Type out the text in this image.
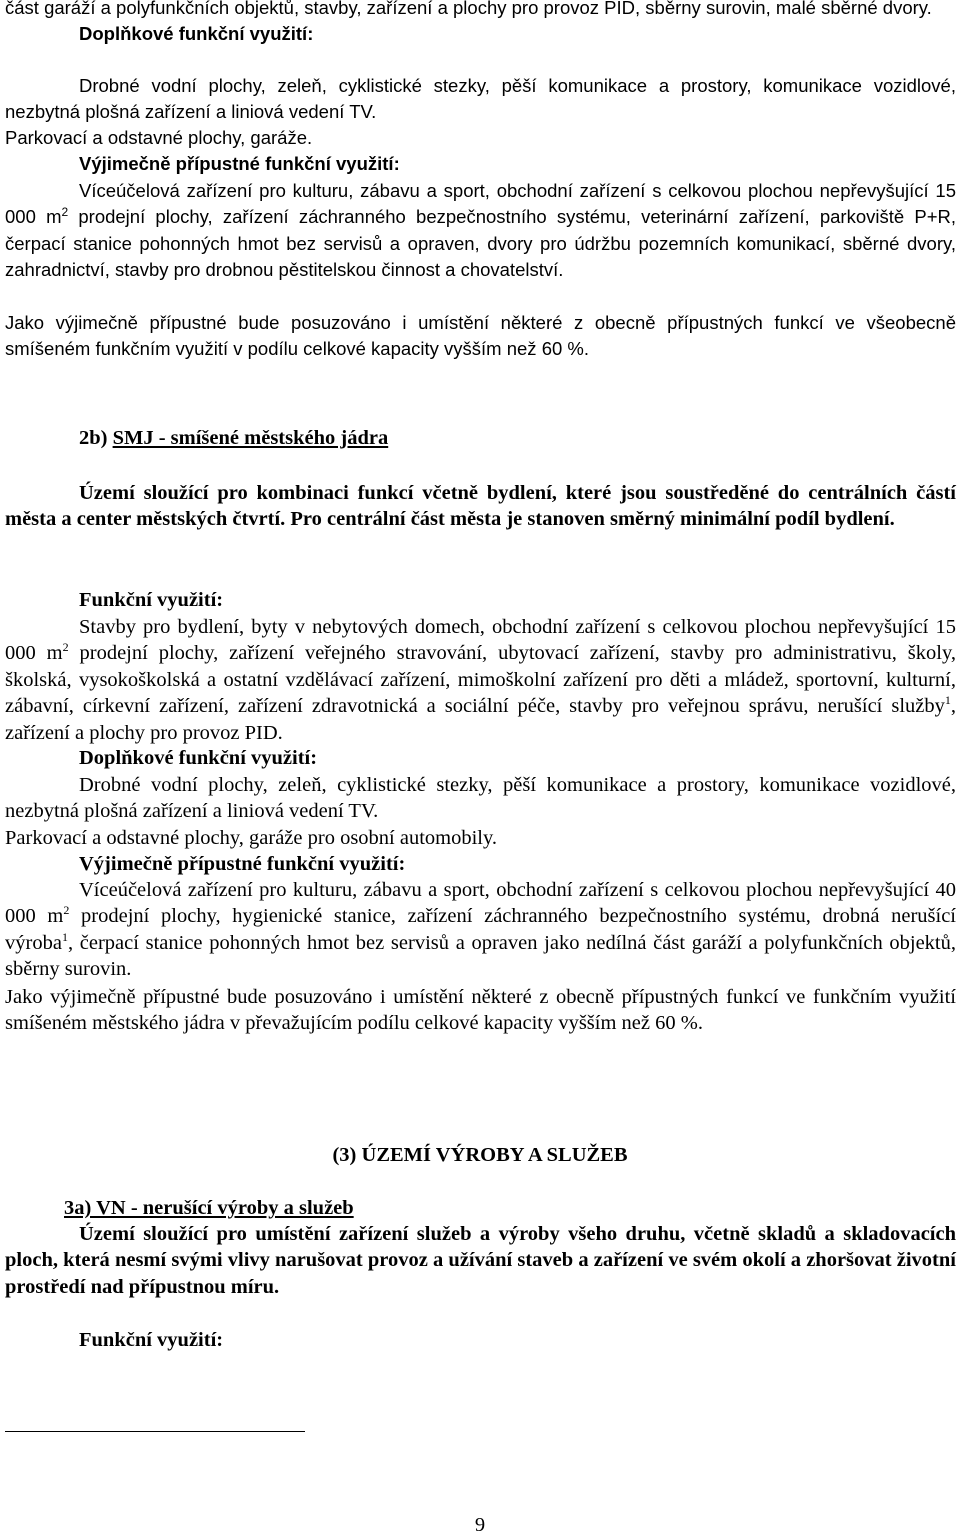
část garáží a polyfunkčních objektů, stavby, zařízení a plochy pro provoz PID, sběrny surovin, malé sběrné dvory.
Doplňkové funkční využití:

Drobné vodní plochy, zeleň, cyklistické stezky, pěší komunikace a prostory, komunikace vozidlové, nezbytná plošná zařízení a liniová vedení TV.

Parkovací a odstavné plochy, garáže.

Výjimečně přípustné funkční využití:

Víceúčelová zařízení pro kulturu, zábavu a sport, obchodní zařízení s celkovou plochou nepřevyšující 15 000 $m^2$ prodejní plochy, zařízení záchranného bezpečnostního systému, veterinární zařízení, parkoviště P+R, čerpací stanice pohonných hmot bez servisů a opraven, dvory pro údržbu pozemních komunikací, sběrné dvory, zahradnictví, stavby pro drobnou pěstitelskou činnost a chovatelství.

Jako výjimečně přípustné bude posuzováno i umístění některé z obecně přípustných funkcí ve všeobecně smíšeném funkčním využití v podílu celkové kapacity vyšším než 60 %.

2b) SMJ - smíšené městského jádra

Území sloužící pro kombinaci funkcí včetně bydlení, které jsou soustředěné do centrálních částí města a center městských čtvrtí. Pro centrální část města je stanoven směrný minimální podíl bydlení.

Funkční využití:

Stavby pro bydlení, byty v nebytových domech, obchodní zařízení s celkovou plochou nepřevyšující 15 000 $m^2$ prodejní plochy, zařízení veřejného stravování, ubytovací zařízení, stavby pro administrativu, školy, školská, vysokoškolská a ostatní vzdělávací zařízení, mimoškolní zařízení pro děti a mládež, sportovní, kulturní, zábavní, církevní zařízení, zařízení zdravotnická a sociální péče, stavby pro veřejnou správu, nerušící služby$^1$, zařízení a plochy pro provoz PID.

Doplňkové funkční využití:

Drobné vodní plochy, zeleň, cyklistické stezky, pěší komunikace a prostory, komunikace vozidlové, nezbytná plošná zařízení a liniová vedení TV.

Parkovací a odstavné plochy, garáže pro osobní automobily.

Výjimečně přípustné funkční využití:

Víceúčelová zařízení pro kulturu, zábavu a sport, obchodní zařízení s celkovou plochou nepřevyšující 40 000 $m^2$ prodejní plochy, hygienické stanice, zařízení záchranného bezpečnostního systému, drobná nerušící výroba$^1$, čerpací stanice pohonných hmot bez servisů a opraven jako nedílná část garáží a polyfunkčních objektů, sběrny surovin.

Jako výjimečně přípustné bude posuzováno i umístění některé z obecně přípustných funkcí ve funkčním využití smíšeném městského jádra v převažujícím podílu celkové kapacity vyšším než 60 %.

(3) ÚZEMÍ VÝROBY A SLUŽEB

3a) VN - nerušící výroby a služeb

Území sloužící pro umístění zařízení služeb a výroby všeho druhu, včetně skladů a skladovacích ploch, která nesmí svými vlivy narušovat provoz a užívání staveb a zařízení ve svém okolí a zhoršovat životní prostředí nad přípustnou míru.

Funkční využití:

9
